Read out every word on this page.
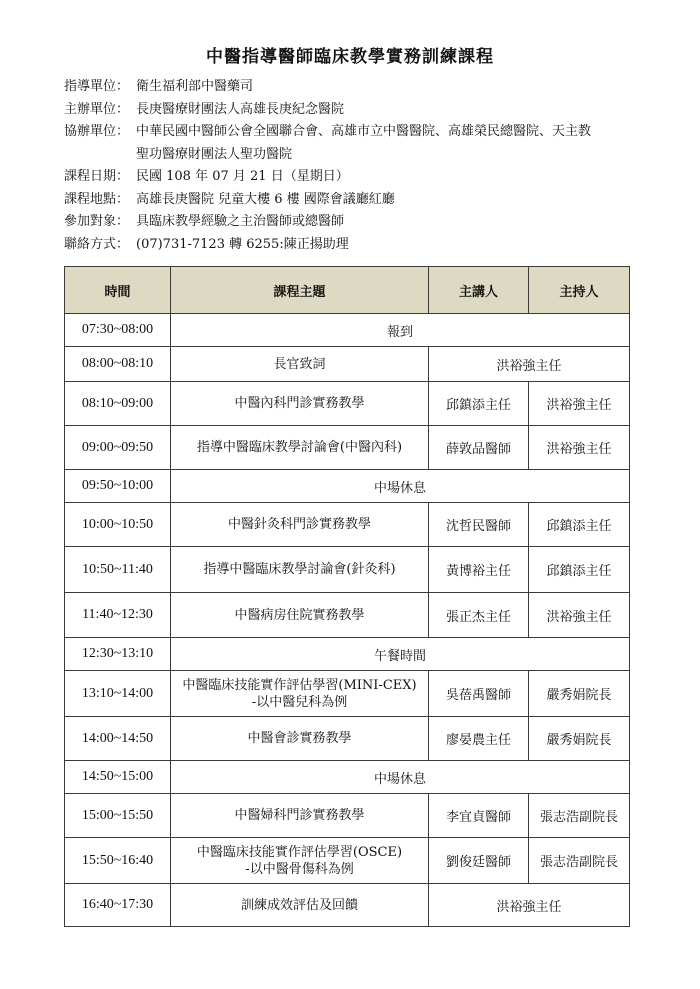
中醫指導醫師臨床教學實務訓練課程
指導單位： 衛生福利部中醫藥司
主辦單位： 長庚醫療財團法人高雄長庚紀念醫院
協辦單位： 中華民國中醫師公會全國聯合會、高雄市立中醫醫院、高雄榮民總醫院、天主教
聖功醫療財團法人聖功醫院
課程日期： 民國 108 年 07 月 21 日（星期日）
課程地點： 高雄長庚醫院 兒童大樓 6 樓 國際會議廳紅廳
參加對象： 具臨床教學經驗之主治醫師或總醫師
聯絡方式： (07)731-7123 轉 6255:陳正揚助理
時間	課程主題	主講人	主持人
07:30~08:00	報到		
08:00~08:10	長官致詞	洪裕強主任	
08:10~09:00	中醫內科門診實務教學	邱鎮添主任	洪裕強主任
09:00~09:50	指導中醫臨床教學討論會(中醫內科)	薛敦品醫師	洪裕強主任
09:50~10:00	中場休息		
10:00~10:50	中醫針灸科門診實務教學	沈哲民醫師	邱鎮添主任
10:50~11:40	指導中醫臨床教學討論會(針灸科)	黃博裕主任	邱鎮添主任
11:40~12:30	中醫病房住院實務教學	張正杰主任	洪裕強主任
12:30~13:10	午餐時間		
13:10~14:00	中醫臨床技能實作評估學習(MINI-CEX)
-以中醫兒科為例	吳蓓禹醫師	嚴秀娟院長
14:00~14:50	中醫會診實務教學	廖晏農主任	嚴秀娟院長
14:50~15:00	中場休息		
15:00~15:50	中醫婦科門診實務教學	李宜貞醫師	張志浩副院長
15:50~16:40	中醫臨床技能實作評估學習(OSCE)
-以中醫骨傷科為例	劉俊廷醫師	張志浩副院長
16:40~17:30	訓練成效評估及回饋	洪裕強主任	
